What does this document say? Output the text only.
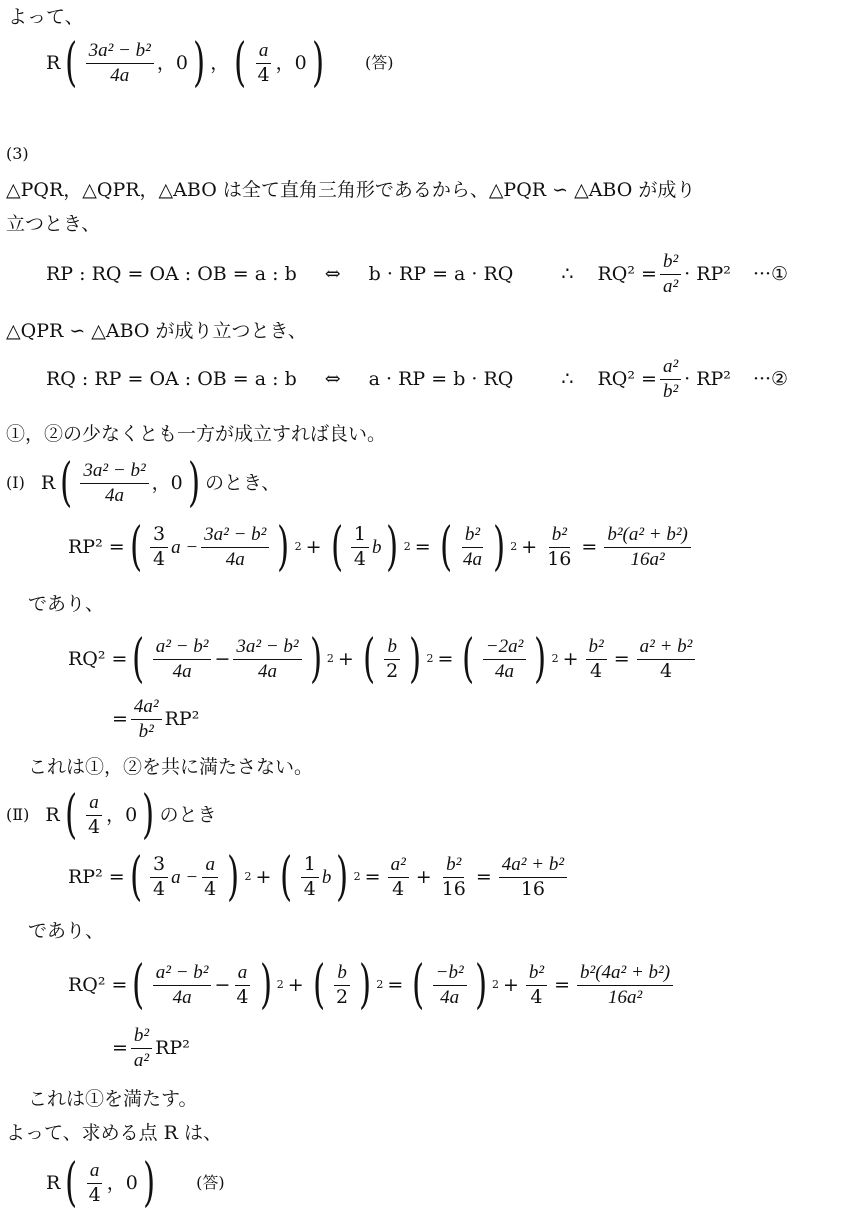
よって、
R ( $\frac{\text{3a² − b²}}{4a}$ ，0 ) ， ( $\frac{a}{4}$ ，0 )	(答)
(3)
△PQR，△QPR，△ABO は全て直角三角形であるから、△PQR ∽ △ABO が成り
立つとき、
RP : RQ = OA : OB = a : b ⇔ b · RP = a · RQ	∴ $RQ^2 = \frac{\text{b²}}{\text{a²}} \cdot RP^2$ ···①
△QPR ∽ △ABO が成り立つとき、
RQ : RP = OA : OB = a : b ⇔ a · RP = b · RQ	∴ $RQ^2 = \frac{\text{a²}}{\text{b²}} \cdot RP^2$ ···②
①，②の少なくとも一方が成立すれば良い。
(Ⅰ) R ( $\frac{\text{3a² − b²}}{4a}$ ，0 ) のとき、
RP² = ( $\frac{3}{4}$ $a - \frac{\text{3a² − b²}}{4a}$ ) 2 + ( $\frac{1}{4}$ b ) 2 = ( $\frac{\text{b²}}{4a}$ ) $2 + \frac{\text{b²}}{16} = \frac{\text{b²(a² + b²)}}{\text{16a²}}$
であり、
RQ² = ( $\frac{\text{a² − b²}}{4a} - \frac{\text{3a² − b²}}{4a}$ ) 2 + ( $\frac{b}{2}$ ) 2 = ( $\frac{\text{−2a²}}{4a}$ ) $2 + \frac{\text{b²}}{4} = \frac{\text{a² + b²}}{4}$
= $\frac{\text{4a²}}{\text{b²}} RP^2$
これは①，②を共に満たさない。
(Ⅱ) R ( $\frac{a}{4}$ ，0 ) のとき
RP² = ( $\frac{3}{4}$ $a - \frac{a}{4}$ ) 2 + ( $\frac{1}{4}$ b ) $2 = \frac{\text{a²}}{4} + \frac{\text{b²}}{16} = \frac{\text{4a² + b²}}{16}$
であり、
RQ² = ( $\frac{\text{a² − b²}}{4a} - \frac{a}{4}$ ) 2 + ( $\frac{b}{2}$ ) 2 = ( $\frac{\text{−b²}}{4a}$ ) $2 + \frac{\text{b²}}{4} = \frac{\text{b²(4a² + b²)}}{\text{16a²}}$
= $\frac{\text{b²}}{\text{a²}} RP^2$
これは①を満たす。
よって、求める点 R は、
R ( $\frac{a}{4}$ ，0 )	(答)
